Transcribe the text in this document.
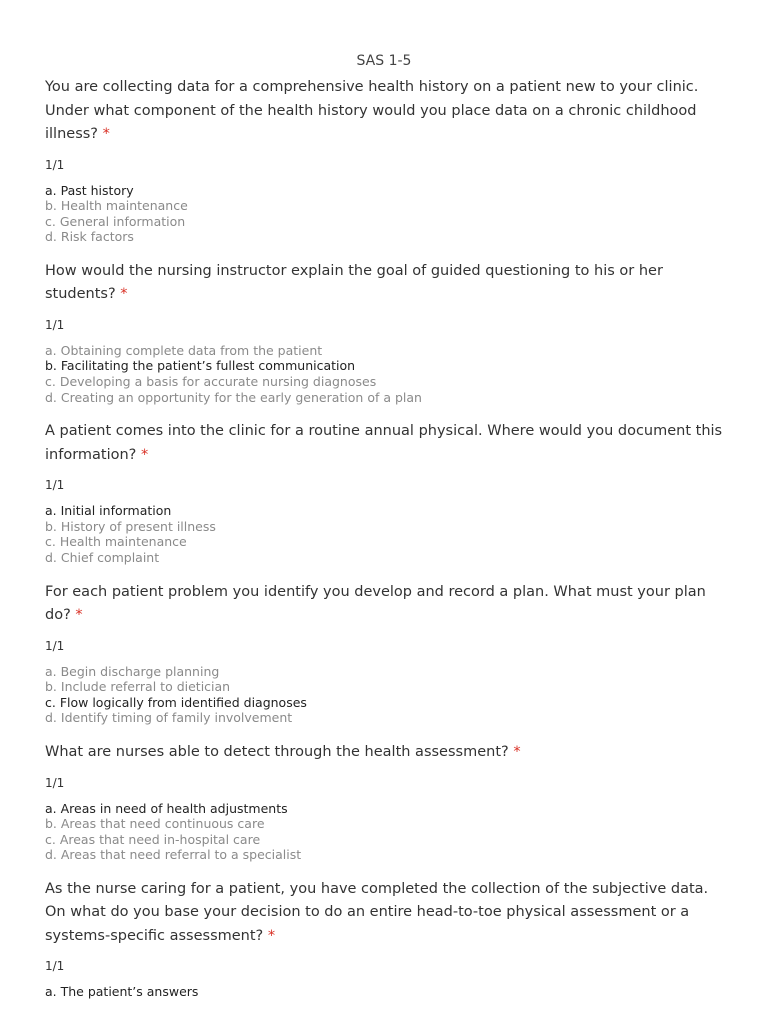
SAS 1-5

You are collecting data for a comprehensive health history on a patient new to your clinic. Under what component of the health history would you place data on a chronic childhood illness? *

1/1

a. Past history
b. Health maintenance
c. General information
d. Risk factors

How would the nursing instructor explain the goal of guided questioning to his or her students? *

1/1

a. Obtaining complete data from the patient
b. Facilitating the patient’s fullest communication
c. Developing a basis for accurate nursing diagnoses
d. Creating an opportunity for the early generation of a plan

A patient comes into the clinic for a routine annual physical. Where would you document this information? *

1/1

a. Initial information
b. History of present illness
c. Health maintenance
d. Chief complaint

For each patient problem you identify you develop and record a plan. What must your plan do? *

1/1

a. Begin discharge planning
b. Include referral to dietician
c. Flow logically from identified diagnoses
d. Identify timing of family involvement

What are nurses able to detect through the health assessment? *

1/1

a. Areas in need of health adjustments
b. Areas that need continuous care
c. Areas that need in-hospital care
d. Areas that need referral to a specialist

As the nurse caring for a patient, you have completed the collection of the subjective data. On what do you base your decision to do an entire head-to-toe physical assessment or a systems-specific assessment? *

1/1

a. The patient’s answers
